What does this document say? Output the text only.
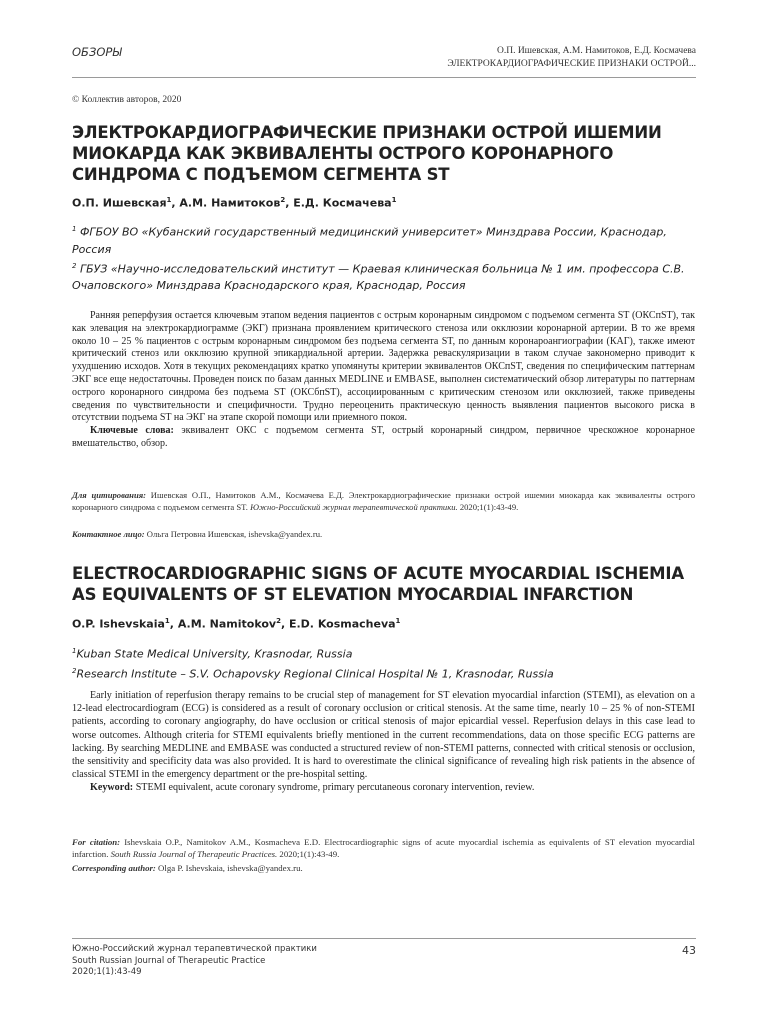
ОБЗОРЫ	О.П. Ишевская, А.М. Намитоков, Е.Д. Космачева
ЭЛЕКТРОКАРДИОГРАФИЧЕСКИЕ ПРИЗНАКИ ОСТРОЙ...
© Коллектив авторов, 2020
ЭЛЕКТРОКАРДИОГРАФИЧЕСКИЕ ПРИЗНАКИ ОСТРОЙ ИШЕМИИ МИОКАРДА КАК ЭКВИВАЛЕНТЫ ОСТРОГО КОРОНАРНОГО СИНДРОМА С ПОДЪЕМОМ СЕГМЕНТА ST
О.П. Ишевская$^1$, А.М. Намитоков$^2$, Е.Д. Космачева$^1$

$^1$ ФГБОУ ВО «Кубанский государственный медицинский университет» Минздрава России, Краснодар, Россия

$^2$ ГБУЗ «Научно-исследовательский институт — Краевая клиническая больница № 1 им. профессора С.В. Очаповского» Минздрава Краснодарского края, Краснодар, Россия

Ранняя реперфузия остается ключевым этапом ведения пациентов с острым коронарным синдромом с подъемом сегмента ST (ОКСпST), так как элевация на электрокардиограмме (ЭКГ) признана проявлением критического стеноза или окклюзии коронарной артерии. В то же время около 10 – 25 % пациентов с острым коронарным синдромом без подъема сегмента ST, по данным коронароангиографии (КАГ), также имеют критический стеноз или окклюзию крупной эпикардиальной артерии. Задержка реваскуляризации в таком случае закономерно приводит к ухудшению исходов. Хотя в текущих рекомендациях кратко упомянуты критерии эквивалентов ОКСпST, сведения по специфическим паттернам ЭКГ все еще недостаточны. Проведен поиск по базам данных MEDLINE и EMBASE, выполнен систематический обзор литературы по паттернам острого коронарного синдрома без подъема ST (ОКСбпST), ассоциированным с критическим стенозом или окклюзией, также приведены сведения по чувствительности и специфичности. Трудно переоценить практическую ценность выявления пациентов высокого риска в отсутствии подъема ST на ЭКГ на этапе скорой помощи или приемного покоя.

Ключевые слова: эквивалент ОКС с подъемом сегмента ST, острый коронарный синдром, первичное чрескожное коронарное вмешательство, обзор.

Для цитирования: Ишевская О.П., Намитоков А.М., Космачева Е.Д. Электрокардиографические признаки острой ишемии миокарда как эквиваленты острого коронарного синдрома с подъемом сегмента ST. Южно-Российский журнал терапевтической практики. 2020;1(1):43-49.
Контактное лицо: Ольга Петровна Ишевская, ishevska@yandex.ru.
ELECTROCARDIOGRAPHIC SIGNS OF ACUTE MYOCARDIAL ISCHEMIA AS EQUIVALENTS OF ST ELEVATION MYOCARDIAL INFARCTION
O.P. Ishevskaia$^1$, A.M. Namitokov$^2$, E.D. Kosmacheva$^1$

$^1$Kuban State Medical University, Krasnodar, Russia

$^2$Research Institute – S.V. Ochapovsky Regional Clinical Hospital № 1, Krasnodar, Russia

Early initiation of reperfusion therapy remains to be crucial step of management for ST elevation myocardial infarction (STEMI), as elevation on a 12-lead electrocardiogram (ECG) is considered as a result of coronary occlusion or critical stenosis. At the same time, nearly 10 – 25 % of non-STEMI patients, according to coronary angiography, do have occlusion or critical stenosis of major epicardial vessel. Reperfusion delays in this case lead to worse outcomes. Although criteria for STEMI equivalents briefly mentioned in the current recommendations, data on those specific ECG patterns are lacking. By searching MEDLINE and EMBASE was conducted a structured review of non-STEMI patterns, connected with critical stenosis or occlusion, the sensitivity and specificity data was also provided. It is hard to overestimate the clinical significance of revealing high risk patients in the absence of classical STEMI in the emergency department or the pre-hospital setting.

Keyword: STEMI equivalent, acute coronary syndrome, primary percutaneous coronary intervention, review.

For citation: Ishevskaia O.P., Namitokov A.M., Kosmacheva E.D. Electrocardiographic signs of acute myocardial ischemia as equivalents of ST elevation myocardial infarction. South Russia Journal of Therapeutic Practices. 2020;1(1):43-49.
Corresponding author: Olga P. Ishevskaia, ishevska@yandex.ru.
Южно-Российский журнал терапевтической практики
South Russian Journal of Therapeutic Practice
2020;1(1):43-49
43
